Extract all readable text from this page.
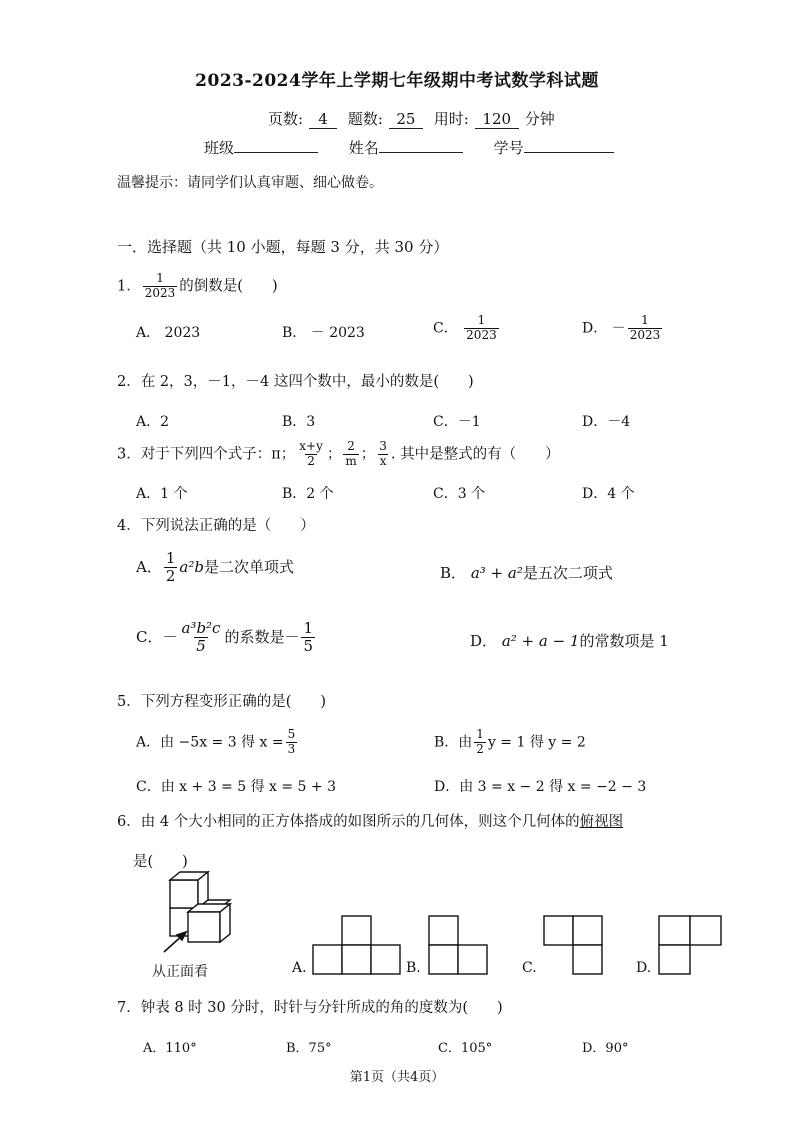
2023-2024学年上学期七年级期中考试数学科试题
页数: 4 题数: 25 用时: 120 分钟
班级	姓名	学号
温馨提示：请同学们认真审题、细心做卷。
一．选择题（共 10 小题，每题 3 分，共 30 分）
1． $\frac{1}{2023}$ 的倒数是(　　)
A． 2023	B． － 2023	C． $\frac{1}{2023}$	D． － $\frac{1}{2023}$
2．在 2，3，－1，－4 这四个数中，最小的数是(　　)
A．2	B．3	C．－1	D．－4
3．对于下列四个式子：π； $\frac{x+y}{2}$ ； $\frac{2}{m}$ ； $\frac{3}{x}$ . 其中是整式的有（　　）
A．1 个	B．2 个	C．3 个	D．4 个
4．下列说法正确的是（　　）
A． $\frac{1}{2} a^2b$是二次单项式	B． a³ + a²是五次二项式
C．－ $\frac{\text{a³b²c}}{5}$ 的系数是－ $\frac{1}{5}$	D． a² + a − 1的常数项是 1
5．下列方程变形正确的是(　　)
A．由 −5x = 3 得 $x = \frac{5}{3}$	B．由 $\frac{1}{2}$ y = 1 得 y = 2
C．由 x + 3 = 5 得 x = 5 + 3	D．由 3 = x − 2 得 x = −2 − 3
6．由 4 个大小相同的正方体搭成的如图所示的几何体，则这个几何体的俯视图
是(　　)
从正面看	A.	B.	C.	D.
7．钟表 8 时 30 分时，时针与分针所成的角的度数为(　　)
A．110°	B．75°	C．105°	D．90°
第1页（共4页）
